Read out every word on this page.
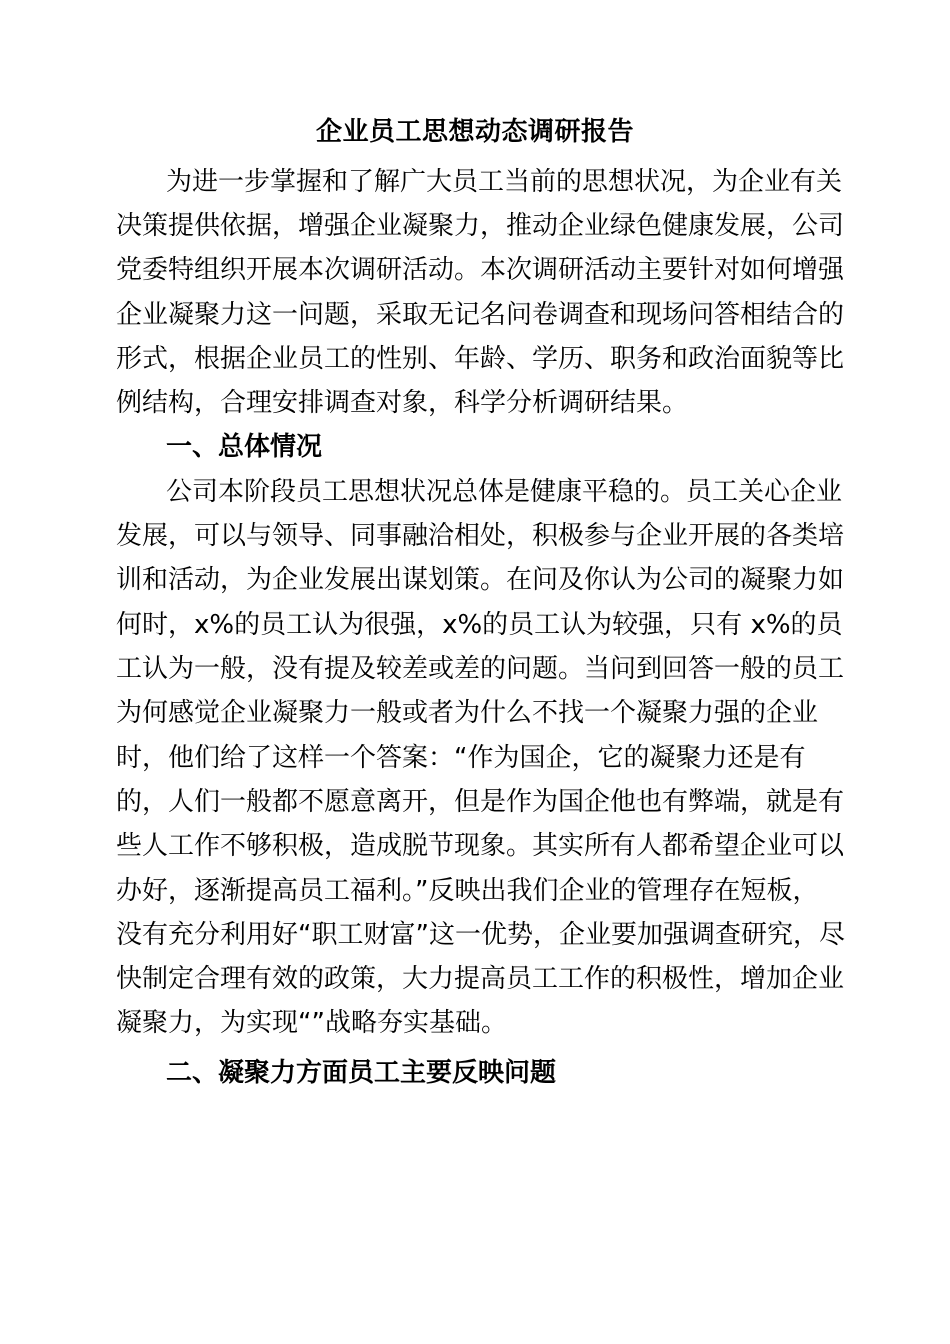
企业员工思想动态调研报告
为进一步掌握和了解广大员工当前的思想状况，为企业有关
决策提供依据，增强企业凝聚力，推动企业绿色健康发展，公司
党委特组织开展本次调研活动。本次调研活动主要针对如何增强
企业凝聚力这一问题，采取无记名问卷调查和现场问答相结合的
形式，根据企业员工的性别、年龄、学历、职务和政治面貌等比
例结构，合理安排调查对象，科学分析调研结果。
一、总体情况
公司本阶段员工思想状况总体是健康平稳的。员工关心企业
发展，可以与领导、同事融洽相处，积极参与企业开展的各类培
训和活动，为企业发展出谋划策。在问及你认为公司的凝聚力如
何时，x%的员工认为很强，x%的员工认为较强，只有 x%的员
工认为一般，没有提及较差或差的问题。当问到回答一般的员工
为何感觉企业凝聚力一般或者为什么不找一个凝聚力强的企业
时，他们给了这样一个答案：“作为国企，它的凝聚力还是有
的，人们一般都不愿意离开，但是作为国企他也有弊端，就是有
些人工作不够积极，造成脱节现象。其实所有人都希望企业可以
办好，逐渐提高员工福利。”反映出我们企业的管理存在短板，
没有充分利用好“职工财富”这一优势，企业要加强调查研究，尽
快制定合理有效的政策，大力提高员工工作的积极性，增加企业
凝聚力，为实现“”战略夯实基础。
二、凝聚力方面员工主要反映问题
